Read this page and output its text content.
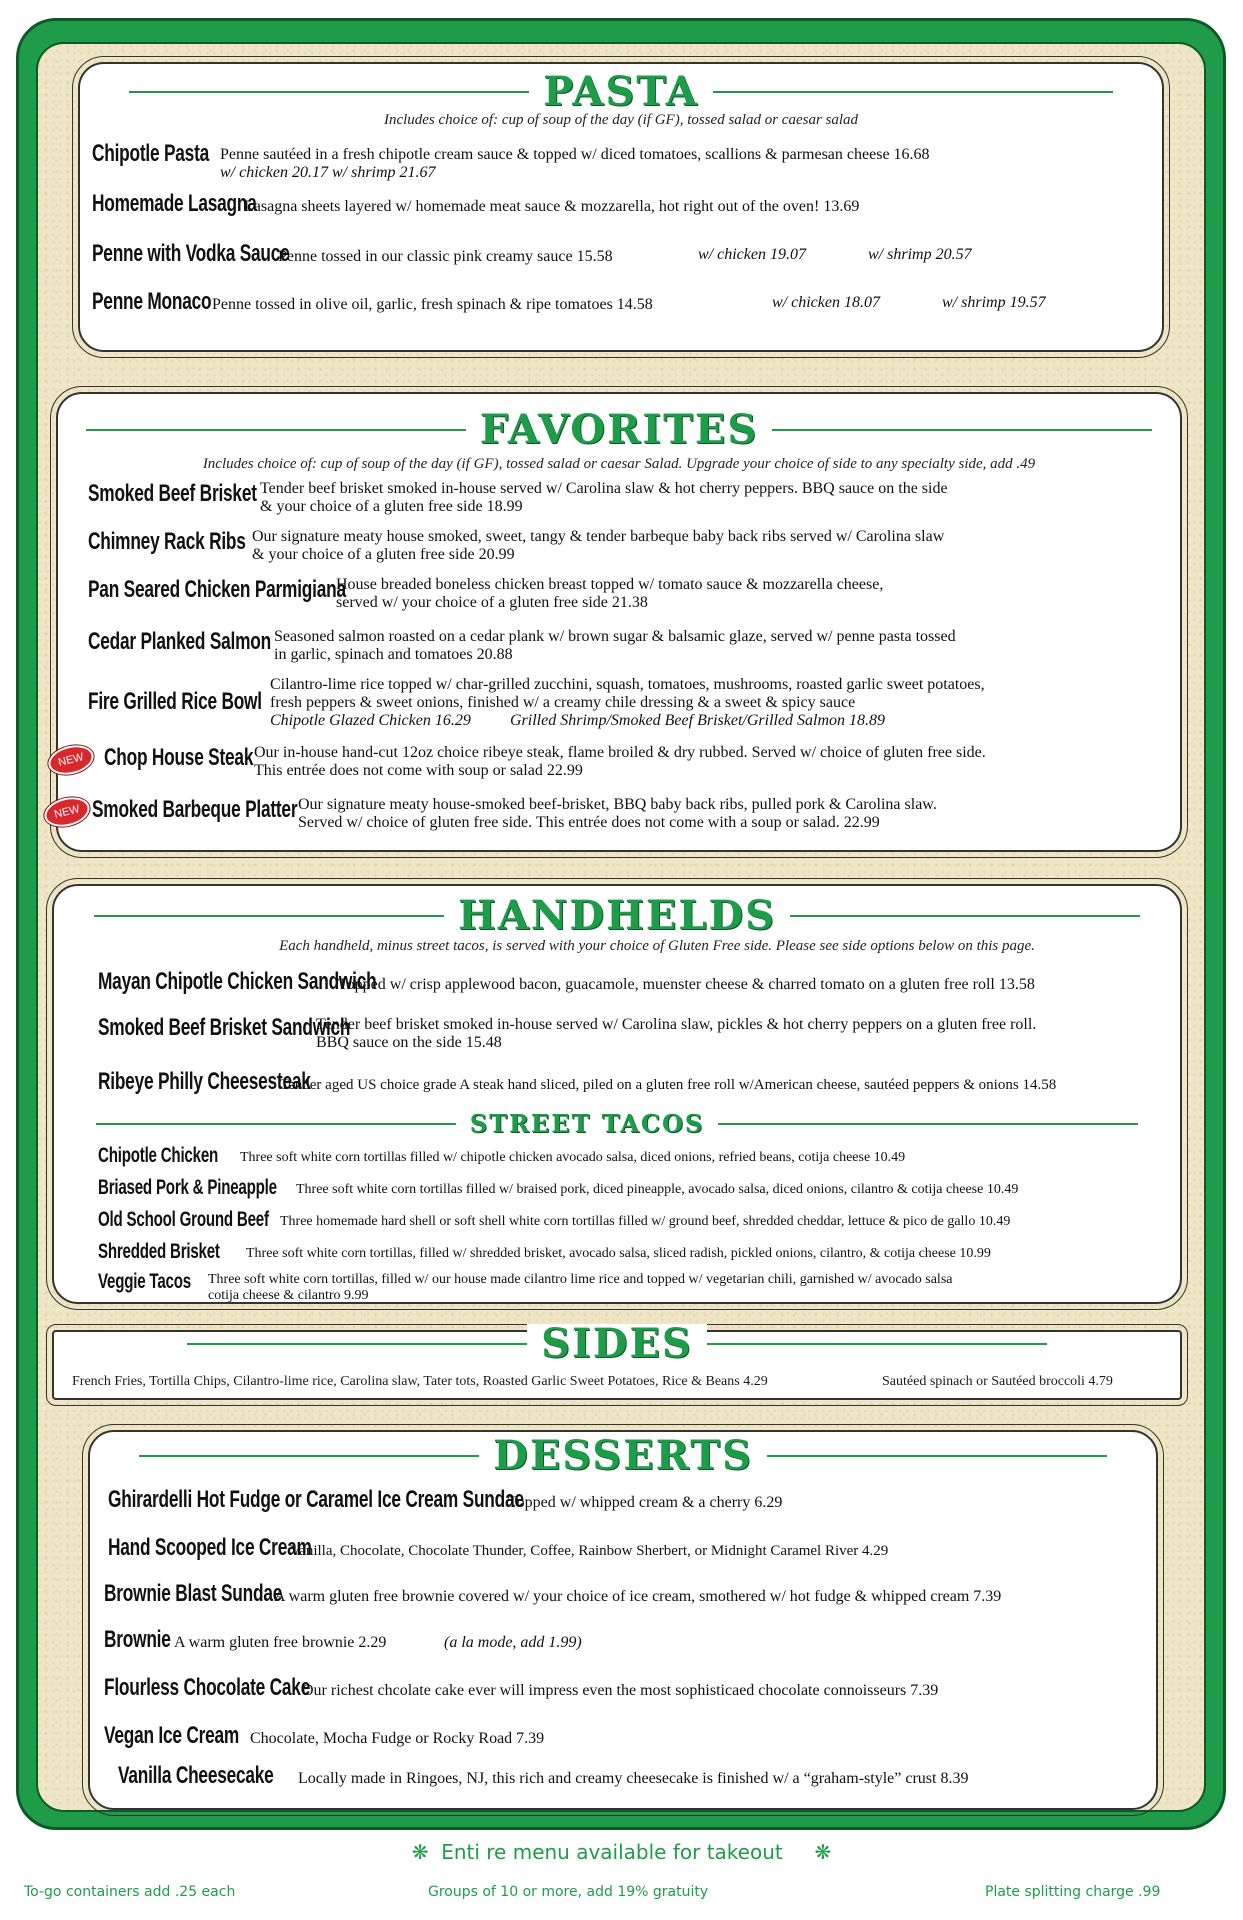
PASTA
Includes choice of: cup of soup of the day (if GF), tossed salad or caesar salad
Chipotle Pasta Penne sautéed in a fresh chipotle cream sauce & topped w/ diced tomatoes, scallions & parmesan cheese 16.68
w/ chicken 20.17 w/ shrimp 21.67
Homemade Lasagna
Lasagna sheets layered w/ homemade meat sauce & mozzarella, hot right out of the oven! 13.69
Penne with Vodka Sauce
Penne tossed in our classic pink creamy sauce 15.58	w/ chicken 19.07	w/ shrimp 20.57
Penne Monaco Penne tossed in olive oil, garlic, fresh spinach & ripe tomatoes 14.58	w/ chicken 18.07	w/ shrimp 19.57
FAVORITES
Includes choice of: cup of soup of the day (if GF), tossed salad or caesar Salad. Upgrade your choice of side to any specialty side, add .49
Smoked Beef Brisket Tender beef brisket smoked in-house served w/ Carolina slaw & hot cherry peppers. BBQ sauce on the side
& your choice of a gluten free side 18.99
Chimney Rack Ribs Our signature meaty house smoked, sweet, tangy & tender barbeque baby back ribs served w/ Carolina slaw
& your choice of a gluten free side 20.99
Pan Seared Chicken Parmigiana
House breaded boneless chicken breast topped w/ tomato sauce & mozzarella cheese,
served w/ your choice of a gluten free side 21.38
Cedar Planked Salmon Seasoned salmon roasted on a cedar plank w/ brown sugar & balsamic glaze, served w/ penne pasta tossed
in garlic, spinach and tomatoes 20.88
Fire Grilled Rice Bowl
Cilantro-lime rice topped w/ char-grilled zucchini, squash, tomatoes, mushrooms, roasted garlic sweet potatoes,
fresh peppers & sweet onions, finished w/ a creamy chile dressing & a sweet & spicy sauce
Chipotle Glazed Chicken 16.29	Grilled Shrimp/Smoked Beef Brisket/Grilled Salmon 18.89
NEW Chop House Steak Our in-house hand-cut 12oz choice ribeye steak, flame broiled & dry rubbed. Served w/ choice of gluten free side.
This entrée does not come with soup or salad 22.99
NEW Smoked Barbeque Platter Our signature meaty house-smoked beef-brisket, BBQ baby back ribs, pulled pork & Carolina slaw.
Served w/ choice of gluten free side. This entrée does not come with a soup or salad. 22.99
HANDHELDS
Each handheld, minus street tacos, is served with your choice of Gluten Free side. Please see side options below on this page.
Mayan Chipotle Chicken Sandwich
Topped w/ crisp applewood bacon, guacamole, muenster cheese & charred tomato on a gluten free roll 13.58
Smoked Beef Brisket Sandwich
Tender beef brisket smoked in-house served w/ Carolina slaw, pickles & hot cherry peppers on a gluten free roll.
BBQ sauce on the side 15.48
Ribeye Philly Cheesesteak
Tender aged US choice grade A steak hand sliced, piled on a gluten free roll w/American cheese, sautéed peppers & onions 14.58
STREET TACOS
Chipotle Chicken Three soft white corn tortillas filled w/ chipotle chicken avocado salsa, diced onions, refried beans, cotija cheese 10.49
Briased Pork & Pineapple Three soft white corn tortillas filled w/ braised pork, diced pineapple, avocado salsa, diced onions, cilantro & cotija cheese 10.49
Old School Ground Beef Three homemade hard shell or soft shell white corn tortillas filled w/ ground beef, shredded cheddar, lettuce & pico de gallo 10.49
Shredded Brisket Three soft white corn tortillas, filled w/ shredded brisket, avocado salsa, sliced radish, pickled onions, cilantro, & cotija cheese 10.99
Veggie Tacos Three soft white corn tortillas, filled w/ our house made cilantro lime rice and topped w/ vegetarian chili, garnished w/ avocado salsa
cotija cheese & cilantro 9.99
SIDES
French Fries, Tortilla Chips, Cilantro-lime rice, Carolina slaw, Tater tots, Roasted Garlic Sweet Potatoes, Rice & Beans 4.29	Sautéed spinach or Sautéed broccoli 4.79
DESSERTS
Ghirardelli Hot Fudge or Caramel Ice Cream Sundae
Topped w/ whipped cream & a cherry 6.29
Hand Scooped Ice Cream
Vanilla, Chocolate, Chocolate Thunder, Coffee, Rainbow Sherbert, or Midnight Caramel River 4.29
Brownie Blast Sundae
A warm gluten free brownie covered w/ your choice of ice cream, smothered w/ hot fudge & whipped cream 7.39
Brownie A warm gluten free brownie 2.29	(a la mode, add 1.99)
Flourless Chocolate Cake
Our richest chcolate cake ever will impress even the most sophisticaed chocolate connoisseurs 7.39
Vegan Ice Cream Chocolate, Mocha Fudge or Rocky Road 7.39
Vanilla Cheesecake Locally made in Ringoes, NJ, this rich and creamy cheesecake is finished w/ a “graham-style” crust 8.39
❋  Enti re menu available for takeout     ❋
To-go containers add .25 each	Groups of 10 or more, add 19% gratuity	Plate splitting charge .99
